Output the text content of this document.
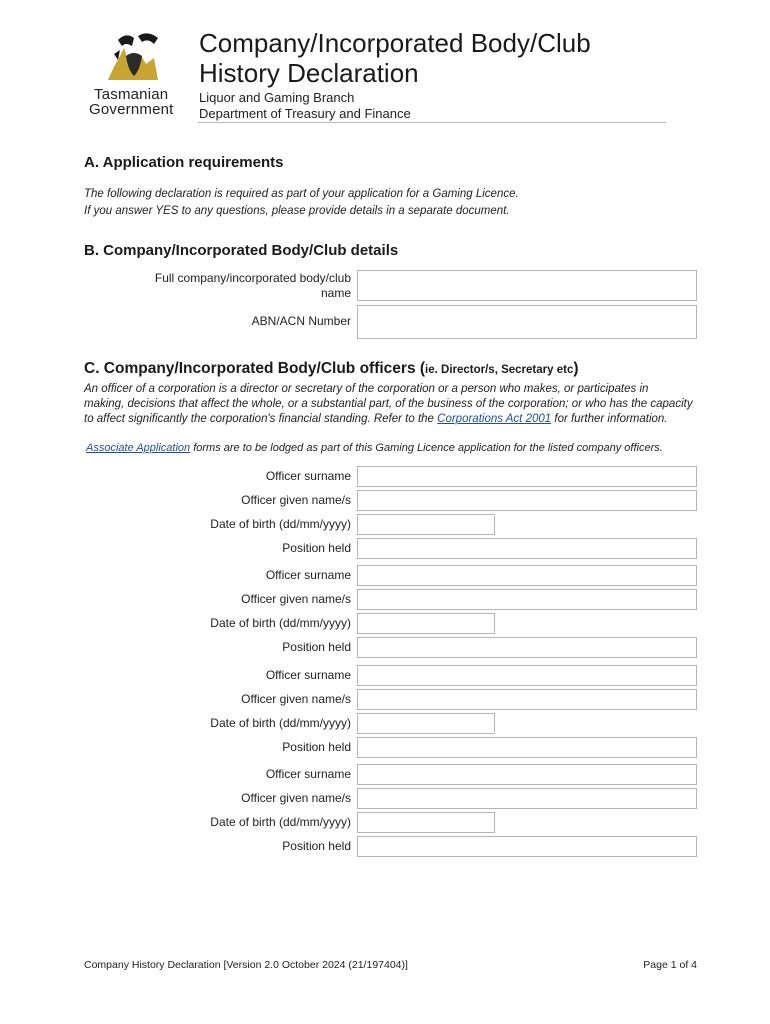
Tasmanian
Government
Company/Incorporated Body/Club
History Declaration
Liquor and Gaming Branch
Department of Treasury and Finance
A. Application requirements
The following declaration is required as part of your application for a Gaming Licence.
If you answer YES to any questions, please provide details in a separate document.
B. Company/Incorporated Body/Club details
Full company/incorporated body/club
name
ABN/ACN Number
C. Company/Incorporated Body/Club officers (ie. Director/s, Secretary etc)
An officer of a corporation is a director or secretary of the corporation or a person who makes, or participates in
making, decisions that affect the whole, or a substantial part, of the business of the corporation; or who has the capacity
to affect significantly the corporation's financial standing. Refer to the Corporations Act 2001 for further information.
Associate Application forms are to be lodged as part of this Gaming Licence application for the listed company officers.
Officer surname
Officer given name/s
Date of birth (dd/mm/yyyy)
Position held
Officer surname
Officer given name/s
Date of birth (dd/mm/yyyy)
Position held
Officer surname
Officer given name/s
Date of birth (dd/mm/yyyy)
Position held
Officer surname
Officer given name/s
Date of birth (dd/mm/yyyy)
Position held
Company History Declaration [Version 2.0 October 2024 (21/197404)]	Page 1 of 4
